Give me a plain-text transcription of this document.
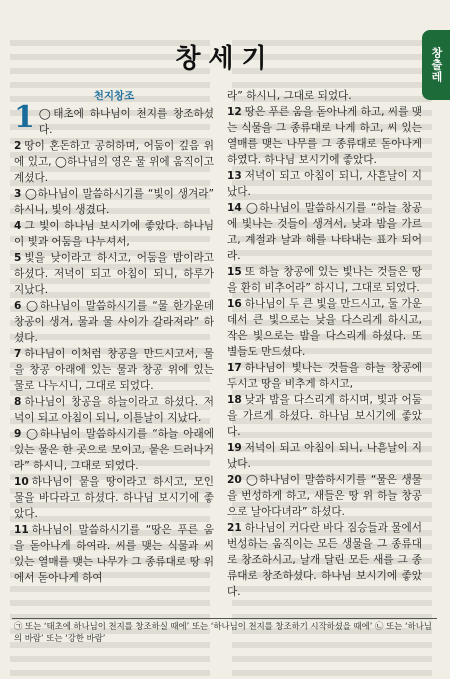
창세기	창출레
천지창조

1 ◯태초에 하나님이 천지를 창조하셨다.

2 땅이 혼돈하고 공허하며, 어둠이 깊음 위에 있고, ◯하나님의 영은 물 위에 움직이고 계셨다.

3 ◯하나님이 말씀하시기를 “빛이 생겨라” 하시니, 빛이 생겼다.

4 그 빛이 하나님 보시기에 좋았다. 하나님이 빛과 어둠을 나누셔서,

5 빛을 낮이라고 하시고, 어둠을 밤이라고 하셨다. 저녁이 되고 아침이 되니, 하루가 지났다.

6 ◯하나님이 말씀하시기를 “물 한가운데 창공이 생겨, 물과 물 사이가 갈라져라” 하셨다.

7 하나님이 이처럼 창공을 만드시고서, 물을 창공 아래에 있는 물과 창공 위에 있는 물로 나누시니, 그대로 되었다.

8 하나님이 창공을 하늘이라고 하셨다. 저녁이 되고 아침이 되니, 이튿날이 지났다.

9 ◯하나님이 말씀하시기를 “하늘 아래에 있는 물은 한 곳으로 모이고, 뭍은 드러나거라” 하시니, 그대로 되었다.

10 하나님이 뭍을 땅이라고 하시고, 모인 물을 바다라고 하셨다. 하나님 보시기에 좋았다.

11 하나님이 말씀하시기를 “땅은 푸른 움을 돋아나게 하여라. 씨를 맺는 식물과 씨 있는 열매를 맺는 나무가 그 종류대로 땅 위에서 돋아나게 하여

라” 하시니, 그대로 되었다.

12 땅은 푸른 움을 돋아나게 하고, 씨를 맺는 식물을 그 종류대로 나게 하고, 씨 있는 열매를 맺는 나무를 그 종류대로 돋아나게 하였다. 하나님 보시기에 좋았다.

13 저녁이 되고 아침이 되니, 사흗날이 지났다.

14 ◯하나님이 말씀하시기를 “하늘 창공에 빛나는 것들이 생겨서, 낮과 밤을 가르고, 계절과 날과 해를 나타내는 표가 되어라.

15 또 하늘 창공에 있는 빛나는 것들은 땅을 환히 비추어라” 하시니, 그대로 되었다.

16 하나님이 두 큰 빛을 만드시고, 둘 가운데서 큰 빛으로는 낮을 다스리게 하시고, 작은 빛으로는 밤을 다스리게 하셨다. 또 별들도 만드셨다.

17 하나님이 빛나는 것들을 하늘 창공에 두시고 땅을 비추게 하시고,

18 낮과 밤을 다스리게 하시며, 빛과 어둠을 가르게 하셨다. 하나님 보시기에 좋았다.

19 저녁이 되고 아침이 되니, 나흗날이 지났다.

20 ◯하나님이 말씀하시기를 “물은 생물을 번성하게 하고, 새들은 땅 위 하늘 창공으로 날아다녀라” 하셨다.

21 하나님이 커다란 바다 짐승들과 물에서 번성하는 움직이는 모든 생물을 그 종류대로 창조하시고, 날개 달린 모든 새를 그 종류대로 창조하셨다. 하나님 보시기에 좋았다.

㉠ 또는 ‘태초에 하나님이 천지를 창조하실 때에’ 또는 ‘하나님이 천지를 창조하기 시작하셨을 때에’ ㉡ 또는 ‘하나님의 바람’ 또는 ‘강한 바람’
